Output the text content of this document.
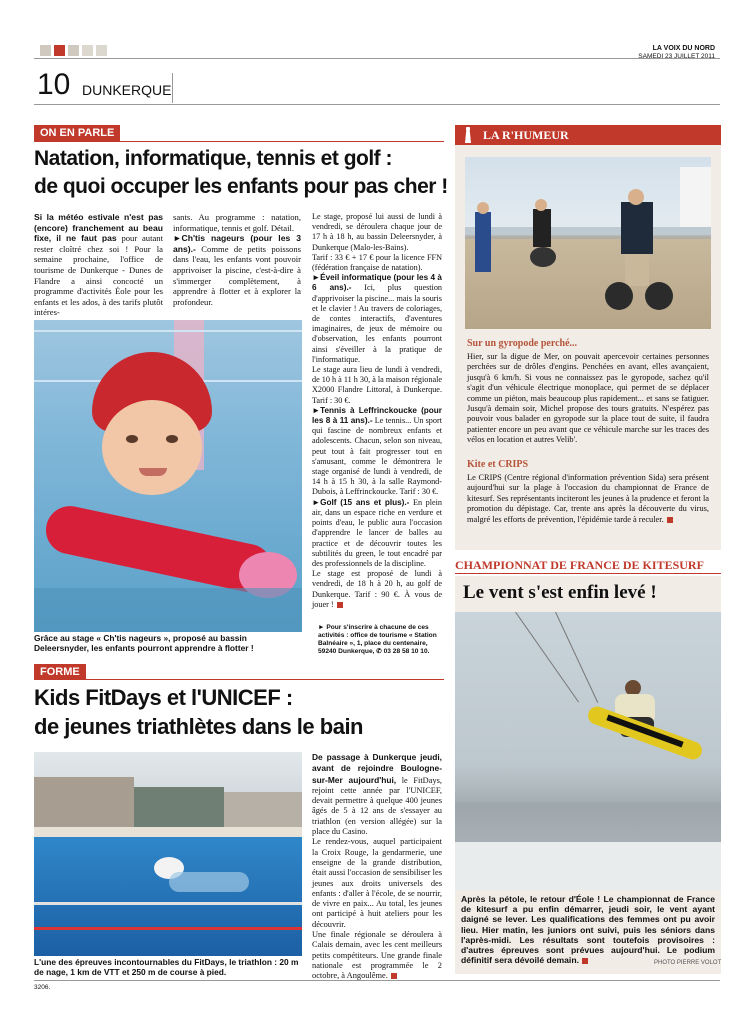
LA VOIX DU NORD
SAMEDI 23 JUILLET 2011
10 DUNKERQUE
ON EN PARLE
Natation, informatique, tennis et golf :
de quoi occuper les enfants pour pas cher !

Si la météo estivale n'est pas (encore) franchement au beau fixe, il ne faut pas pour autant rester cloîtré chez soi ! Pour la semaine prochaine, l'office de tourisme de Dunkerque - Dunes de Flandre a ainsi concocté un programme d'activités Éole pour les enfants et les ados, à des tarifs plutôt intéres-

sants. Au programme : natation, informatique, tennis et golf. Détail.

►Ch'tis nageurs (pour les 3 ans).- Comme de petits poissons dans l'eau, les enfants vont pouvoir apprivoiser la piscine, c'est-à-dire à s'immerger complètement, à apprendre à flotter et à explorer la profondeur.

Le stage, proposé lui aussi de lundi à vendredi, se déroulera chaque jour de 17 h à 18 h, au bassin Deleersnyder, à Dunkerque (Malo-les-Bains).

Tarif : 33 € + 17 € pour la licence FFN (fédération française de natation).

►Éveil informatique (pour les 4 à 6 ans).- Ici, plus question d'apprivoiser la piscine... mais la souris et le clavier ! Au travers de coloriages, de contes interactifs, d'aventures imaginaires, de jeux de mémoire ou d'observation, les enfants pourront ainsi s'éveiller à la pratique de l'informatique.

Le stage aura lieu de lundi à vendredi, de 10 h à 11 h 30, à la maison régionale X2000 Flandre Littoral, à Dunkerque. Tarif : 30 €.

►Tennis à Leffrinckoucke (pour les 8 à 11 ans).- Le tennis... Un sport qui fascine de nombreux enfants et adolescents. Chacun, selon son niveau, peut tout à fait progresser tout en s'amusant, comme le démontrera le stage organisé de lundi à vendredi, de 14 h à 15 h 30, à la salle Raymond-Dubois, à Leffrinckoucke. Tarif : 30 €.

►Golf (15 ans et plus).- En plein air, dans un espace riche en verdure et points d'eau, le public aura l'occasion d'apprendre le lancer de balles au practice et de découvrir toutes les subtilités du green, le tout encadré par des professionnels de la discipline.

Le stage est proposé de lundi à vendredi, de 18 h à 20 h, au golf de Dunkerque. Tarif : 90 €. À vous de jouer !

► Pour s'inscrire à chacune de ces activités : office de tourisme « Station Balnéaire », 1, place du centenaire, 59240 Dunkerque, ✆ 03 28 58 10 10.
Grâce au stage « Ch'tis nageurs », proposé au bassin Deleersnyder, les enfants pourront apprendre à flotter !
FORME
Kids FitDays et l'UNICEF :
de jeunes triathlètes dans le bain
L'une des épreuves incontournables du FitDays, le triathlon : 20 m de nage, 1 km de VTT et 250 m de course à pied.

De passage à Dunkerque jeudi, avant de rejoindre Boulogne-sur-Mer aujourd'hui, le FitDays, rejoint cette année par l'UNICEF, devait permettre à quelque 400 jeunes âgés de 5 à 12 ans de s'essayer au triathlon (en version allégée) sur la place du Casino.

Le rendez-vous, auquel participaient la Croix Rouge, la gendarmerie, une enseigne de la grande distribution, était aussi l'occasion de sensibiliser les jeunes aux droits universels des enfants : d'aller à l'école, de se nourrir, de vivre en paix... Au total, les jeunes ont participé à huit ateliers pour les découvrir.

Une finale régionale se déroulera à Calais demain, avec les cent meilleurs petits compétiteurs. Une grande finale nationale est programmée le 2 octobre, à Angoulême.

LA R'HUMEUR
Sur un gyropode perché...
Hier, sur la digue de Mer, on pouvait apercevoir certaines personnes perchées sur de drôles d'engins. Penchées en avant, elles avançaient, jusqu'à 6 km/h. Si vous ne connaissez pas le gyropode, sachez qu'il s'agit d'un véhicule électrique monoplace, qui permet de se déplacer comme un piéton, mais beaucoup plus rapidement... et sans se fatiguer. Jusqu'à demain soir, Michel propose des tours gratuits. N'espérez pas pouvoir vous balader en gyropode sur la place tout de suite, il faudra patienter encore un peu avant que ce véhicule marche sur les traces des vélos en location et autres Velib'.
Kite et CRIPS
Le CRIPS (Centre régional d'information prévention Sida) sera présent aujourd'hui sur la plage à l'occasion du championnat de France de kitesurf. Ses représentants inciteront les jeunes à la prudence et feront la promotion du dépistage. Car, trente ans après la découverte du virus, malgré les efforts de prévention, l'épidémie tarde à reculer.
CHAMPIONNAT DE FRANCE DE KITESURF
Le vent s'est enfin levé !
Après la pétole, le retour d'Éole ! Le championnat de France de kitesurf a pu enfin démarrer, jeudi soir, le vent ayant daigné se lever. Les qualifications des femmes ont pu avoir lieu. Hier matin, les juniors ont suivi, puis les séniors dans l'après-midi. Les résultats sont toutefois provisoires : d'autres épreuves sont prévues aujourd'hui. Le podium définitif sera dévoilé demain.	PHOTO PIERRE VOLOT
3206.
